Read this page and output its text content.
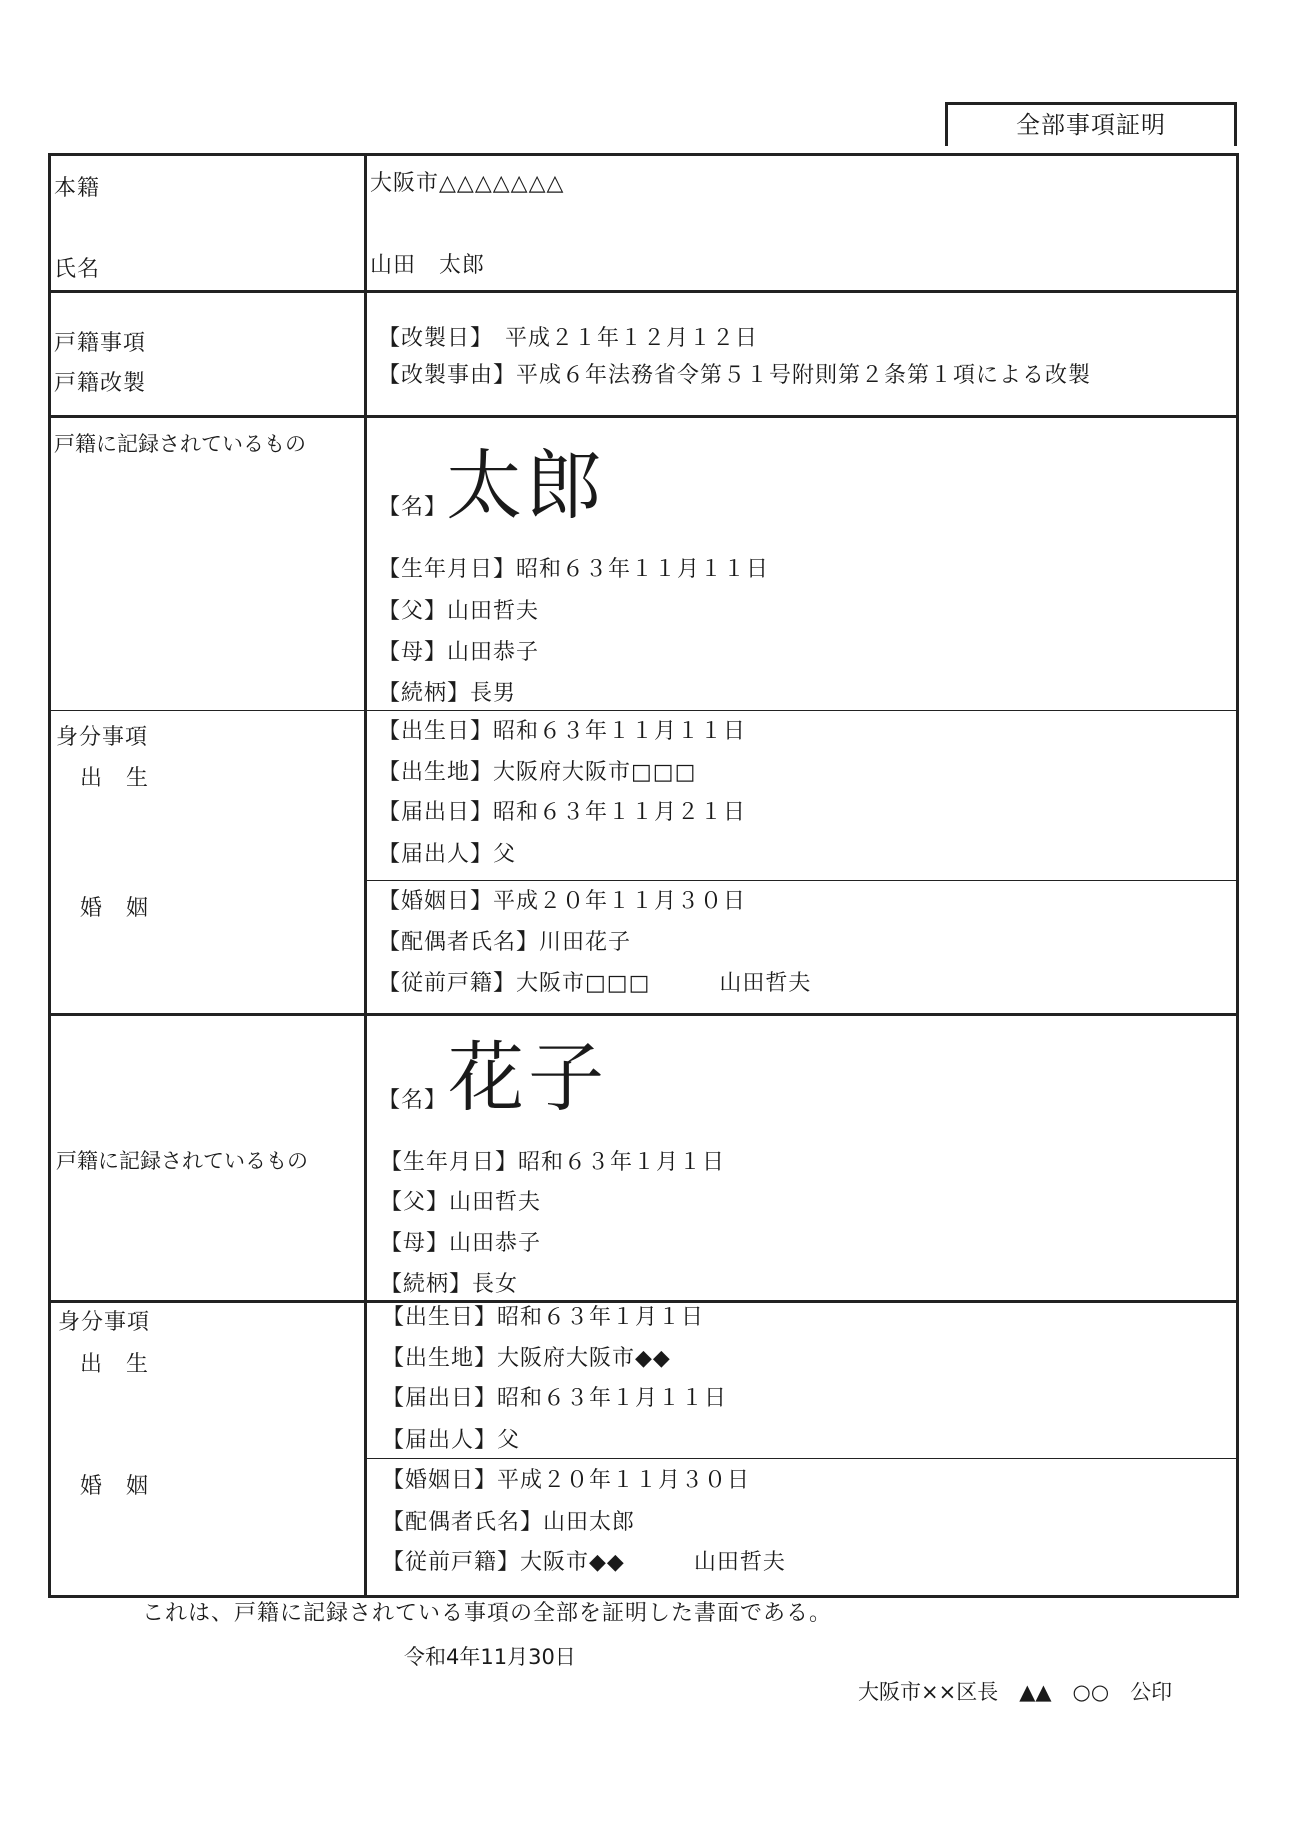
全部事項証明
本籍	大阪市△△△△△△△
氏名	山田　太郎
戸籍事項
戸籍改製
【改製日】　平成２１年１２月１２日
【改製事由】平成６年法務省令第５１号附則第２条第１項による改製
戸籍に記録されているもの
【名】
太郎
【生年月日】昭和６３年１１月１１日
【父】山田哲夫
【母】山田恭子
【続柄】長男
身分事項
出　生
婚　姻
【出生日】昭和６３年１１月１１日
【出生地】大阪府大阪市□□□
【届出日】昭和６３年１１月２１日
【届出人】父
【婚姻日】平成２０年１１月３０日
【配偶者氏名】川田花子
【従前戸籍】大阪市□□□　　　山田哲夫
戸籍に記録されているもの
【名】 花子
【生年月日】昭和６３年１月１日
【父】山田哲夫
【母】山田恭子
【続柄】長女
身分事項
出　生
婚　姻
【出生日】昭和６３年１月１日
【出生地】大阪府大阪市◆◆
【届出日】昭和６３年１月１１日
【届出人】父
【婚姻日】平成２０年１１月３０日
【配偶者氏名】山田太郎
【従前戸籍】大阪市◆◆　　　山田哲夫
これは、戸籍に記録されている事項の全部を証明した書面である。
令和4年11月30日
大阪市××区長　▲▲　○○　公印
